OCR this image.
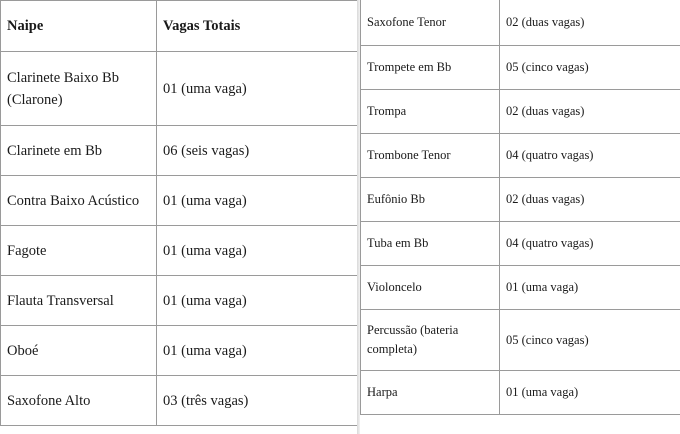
Naipe	Vagas Totais
Clarinete Baixo Bb (Clarone)	01 (uma vaga)
Clarinete em Bb	06 (seis vagas)
Contra Baixo Acústico	01 (uma vaga)
Fagote	01 (uma vaga)
Flauta Transversal	01 (uma vaga)
Oboé	01 (uma vaga)
Saxofone Alto	03 (três vagas)
Saxofone Tenor	02 (duas vagas)
Trompete em Bb	05 (cinco vagas)
Trompa	02 (duas vagas)
Trombone Tenor	04 (quatro vagas)
Eufônio Bb	02 (duas vagas)
Tuba em Bb	04 (quatro vagas)
Violoncelo	01 (uma vaga)
Percussão (bateria completa)	05 (cinco vagas)
Harpa	01 (uma vaga)
